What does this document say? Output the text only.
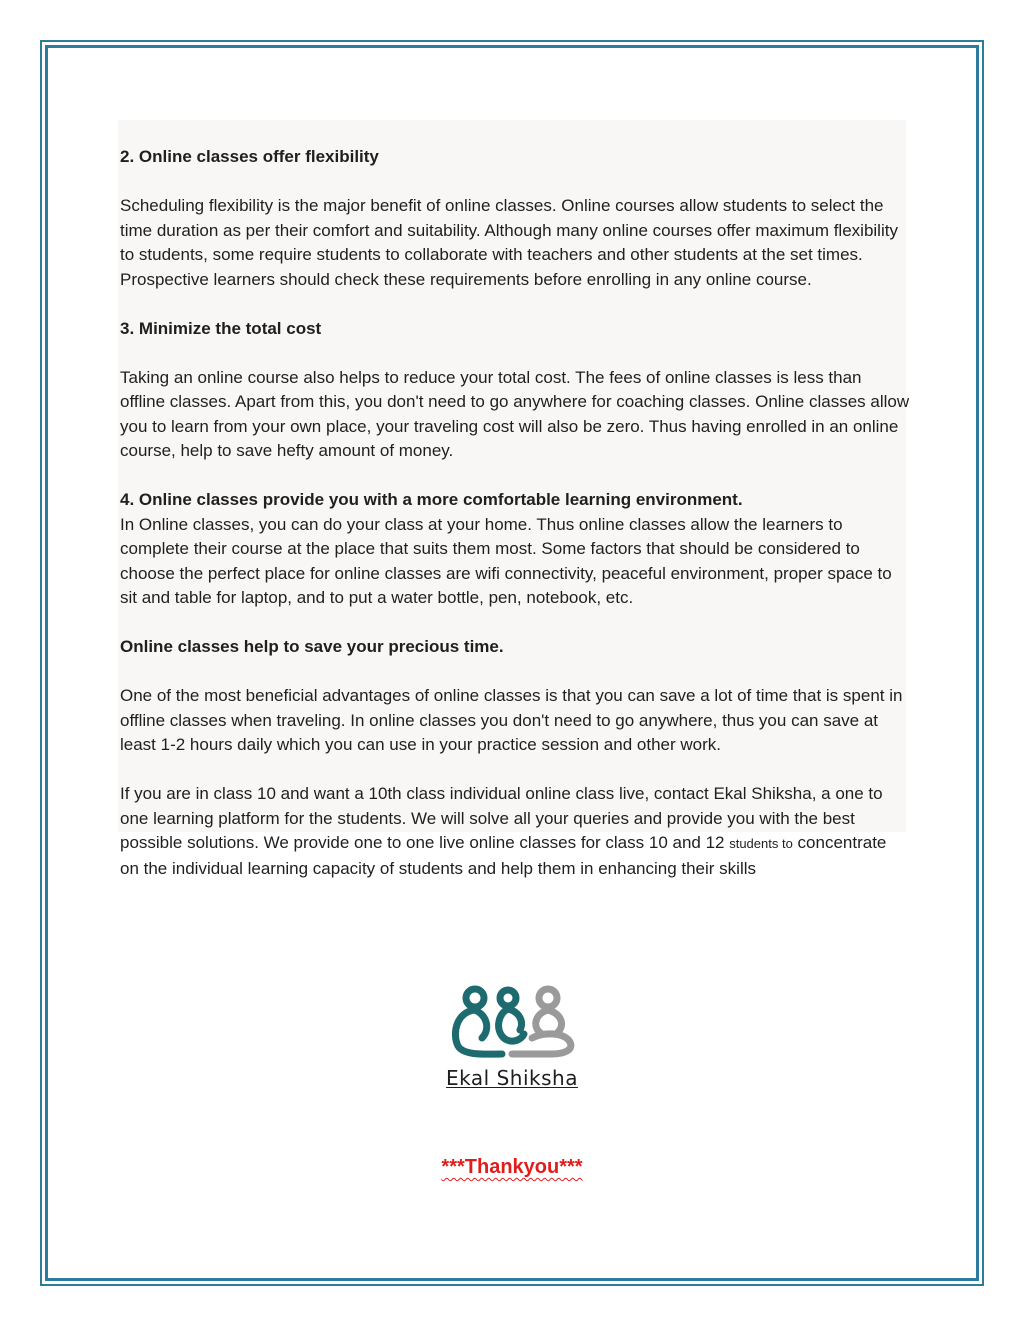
2. Online classes offer flexibility

Scheduling flexibility is the major benefit of online classes. Online courses allow students to select the time duration as per their comfort and suitability. Although many online courses offer maximum flexibility to students, some require students to collaborate with teachers and other students at the set times. Prospective learners should check these requirements before enrolling in any online course.

3. Minimize the total cost

Taking an online course also helps to reduce your total cost. The fees of online classes is less than offline classes. Apart from this, you don't need to go anywhere for coaching classes. Online classes allow you to learn from your own place, your traveling cost will also be zero. Thus having enrolled in an online course, help to save hefty amount of money.

4. Online classes provide you with a more comfortable learning environment.

In Online classes, you can do your class at your home. Thus online classes allow the learners to complete their course at the place that suits them most. Some factors that should be considered to choose the perfect place for online classes are wifi connectivity, peaceful environment, proper space to sit and table for laptop, and to put a water bottle, pen, notebook, etc.

Online classes help to save your precious time.

One of the most beneficial advantages of online classes is that you can save a lot of time that is spent in offline classes when traveling. In online classes you don't need to go anywhere, thus you can save at least 1-2 hours daily which you can use in your practice session and other work.

If you are in class 10 and want a 10th class individual online class live, contact Ekal Shiksha, a one to one learning platform for the students. We will solve all your queries and provide you with the best possible solutions. We provide one to one live online classes for class 10 and 12 students to concentrate on the individual learning capacity of students and help them in enhancing their skills

Ekal Shiksha
***Thankyou***
